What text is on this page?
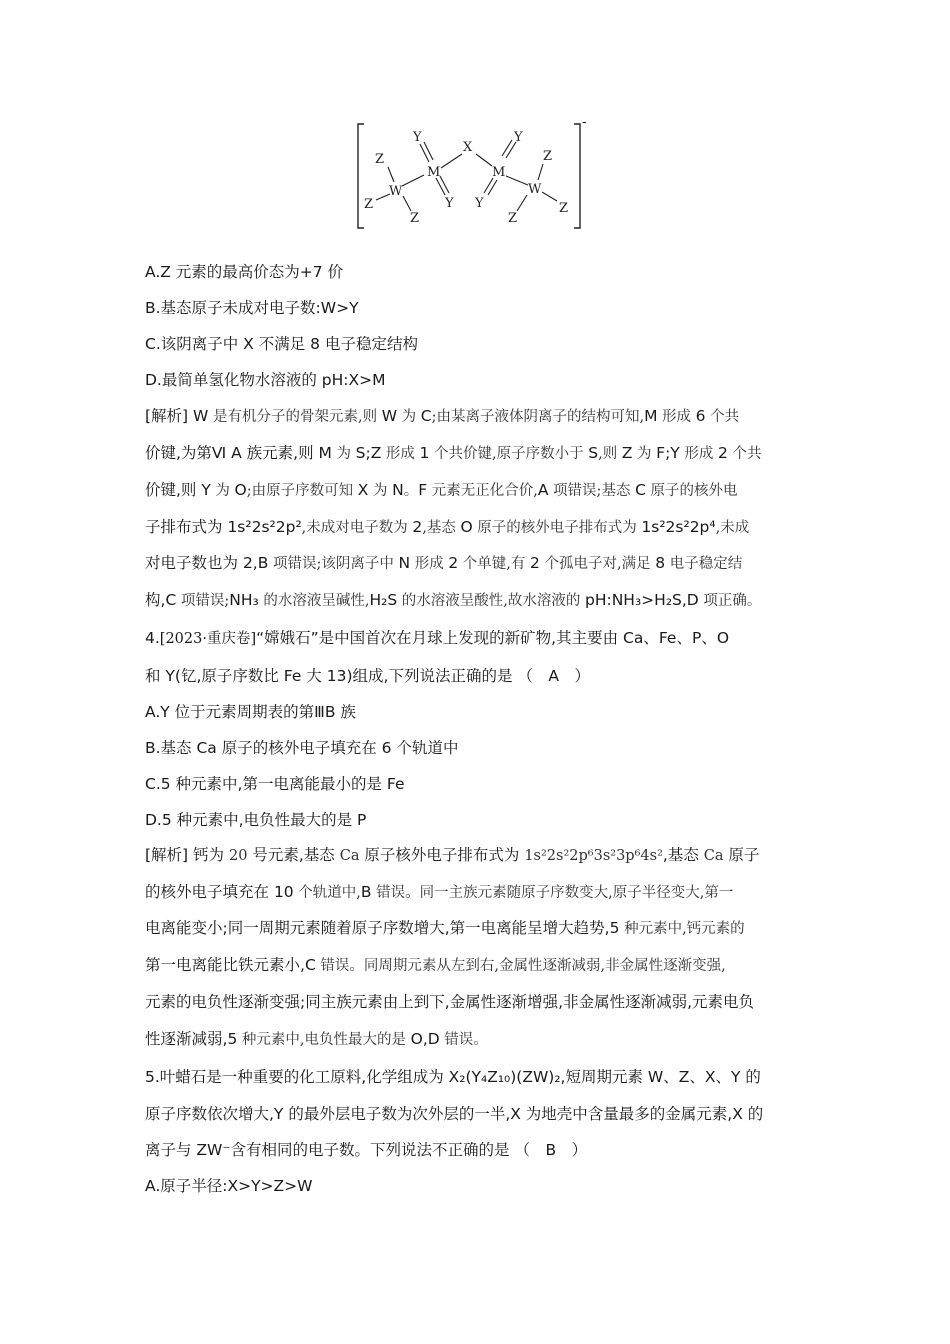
-
Y
X
Y
Z
M	M
Z
Z
W	W
Y Y
Z	Z
Z
A.Z 元素的最高价态为+7 价
B.基态原子未成对电子数:W>Y
C.该阴离子中 X 不满足 8 电子稳定结构
D.最简单氢化物水溶液的 pH:X>M
[解析] W 是有机分子的骨架元素,则 W 为 C;由某离子液体阴离子的结构可知,M 形成 6 个共
价键,为第Ⅵ A 族元素,则 M 为 S;Z 形成 1 个共价键,原子序数小于 S,则 Z 为 F;Y 形成 2 个共
价键,则 Y 为 O;由原子序数可知 X 为 N。F 元素无正化合价,A 项错误;基态 C 原子的核外电
子排布式为 1s²2s²2p²,未成对电子数为 2,基态 O 原子的核外电子排布式为 1s²2s²2p⁴,未成
对电子数也为 2,B 项错误;该阴离子中 N 形成 2 个单键,有 2 个孤电子对,满足 8 电子稳定结
构,C 项错误;NH₃ 的水溶液呈碱性,H₂S 的水溶液呈酸性,故水溶液的 pH:NH₃>H₂S,D 项正确。
4.[2023·重庆卷]“嫦娥石”是中国首次在月球上发现的新矿物,其主要由 Ca、Fe、P、O
和 Y(钇,原子序数比 Fe 大 13)组成,下列说法正确的是 （　A　）
A.Y 位于元素周期表的第ⅢB 族
B.基态 Ca 原子的核外电子填充在 6 个轨道中
C.5 种元素中,第一电离能最小的是 Fe
D.5 种元素中,电负性最大的是 P
[解析] 钙为 20 号元素,基态 Ca 原子核外电子排布式为 1s²2s²2p⁶3s²3p⁶4s²,基态 Ca 原子
的核外电子填充在 10 个轨道中,B 错误。同一主族元素随原子序数变大,原子半径变大,第一
电离能变小;同一周期元素随着原子序数增大,第一电离能呈增大趋势,5 种元素中,钙元素的
第一电离能比铁元素小,C 错误。同周期元素从左到右,金属性逐渐减弱,非金属性逐渐变强,
元素的电负性逐渐变强;同主族元素由上到下,金属性逐渐增强,非金属性逐渐减弱,元素电负
性逐渐减弱,5 种元素中,电负性最大的是 O,D 错误。
5.叶蜡石是一种重要的化工原料,化学组成为 X₂(Y₄Z₁₀)(ZW)₂,短周期元素 W、Z、X、Y 的
原子序数依次增大,Y 的最外层电子数为次外层的一半,X 为地壳中含量最多的金属元素,X 的
离子与 ZW⁻含有相同的电子数。下列说法不正确的是 （　B　）
A.原子半径:X>Y>Z>W
